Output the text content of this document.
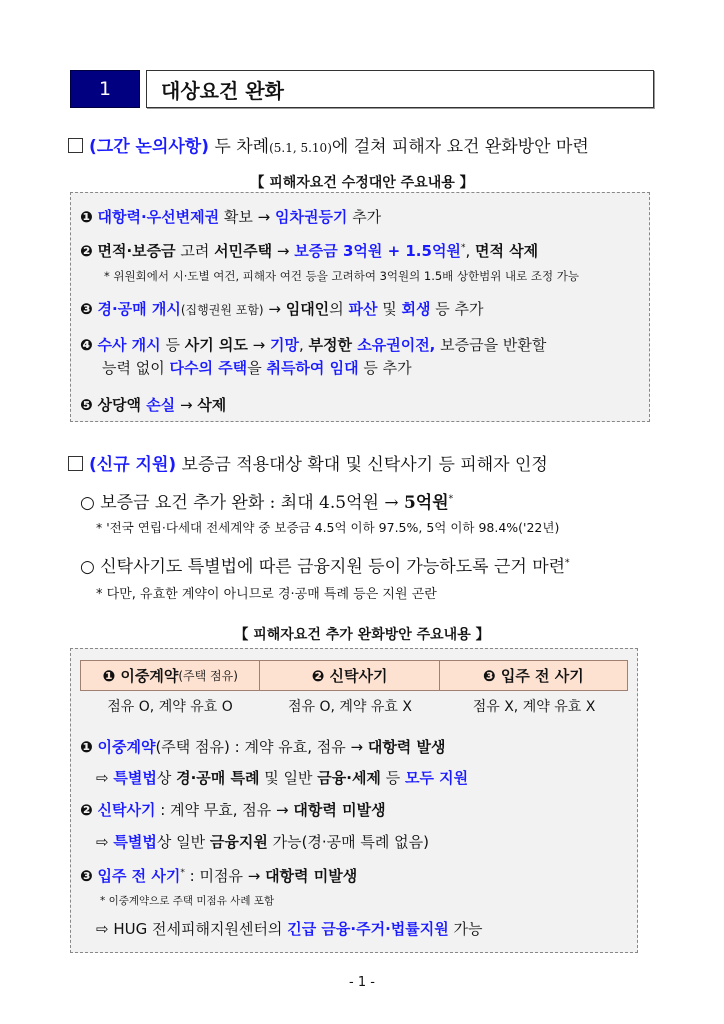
1	대상요건 완화
(그간 논의사항) 두 차례(5.1, 5.10)에 걸쳐 피해자 요건 완화방안 마련
【 피해자요건 수정대안 주요내용 】
❶ 대항력·우선변제권 확보 → 임차권등기 추가
❷ 면적·보증금 고려 서민주택 → 보증금 3억원 + 1.5억원*, 면적 삭제
* 위원회에서 시·도별 여건, 피해자 여건 등을 고려하여 3억원의 1.5배 상한범위 내로 조정 가능
❸ 경·공매 개시(집행권원 포함) → 임대인의 파산 및 회생 등 추가
❹ 수사 개시 등 사기 의도 → 기망, 부정한 소유권이전, 보증금을 반환할
능력 없이 다수의 주택을 취득하여 임대 등 추가
❺ 상당액 손실 → 삭제
(신규 지원) 보증금 적용대상 확대 및 신탁사기 등 피해자 인정
○ 보증금 요건 추가 완화 : 최대 4.5억원 → 5억원*
* '전국 연립·다세대 전세계약 중 보증금 4.5억 이하 97.5%, 5억 이하 98.4%('22년)
○ 신탁사기도 특별법에 따른 금융지원 등이 가능하도록 근거 마련*
* 다만, 유효한 계약이 아니므로 경·공매 특례 등은 지원 곤란
【 피해자요건 추가 완화방안 주요내용 】
❶ 이중계약 (주택 점유)	❷ 신탁사기	❸ 입주 전 사기
점유 O, 계약 유효 O	점유 O, 계약 유효 X	점유 X, 계약 유효 X
❶ 이중계약(주택 점유) : 계약 유효, 점유 → 대항력 발생
⇨ 특별법상 경·공매 특례 및 일반 금융·세제 등 모두 지원
❷ 신탁사기 : 계약 무효, 점유 → 대항력 미발생
⇨ 특별법상 일반 금융지원 가능(경·공매 특례 없음)
❸ 입주 전 사기* : 미점유 → 대항력 미발생
* 이중계약으로 주택 미점유 사례 포함
⇨ HUG 전세피해지원센터의 긴급 금융·주거·법률지원 가능
- 1 -
